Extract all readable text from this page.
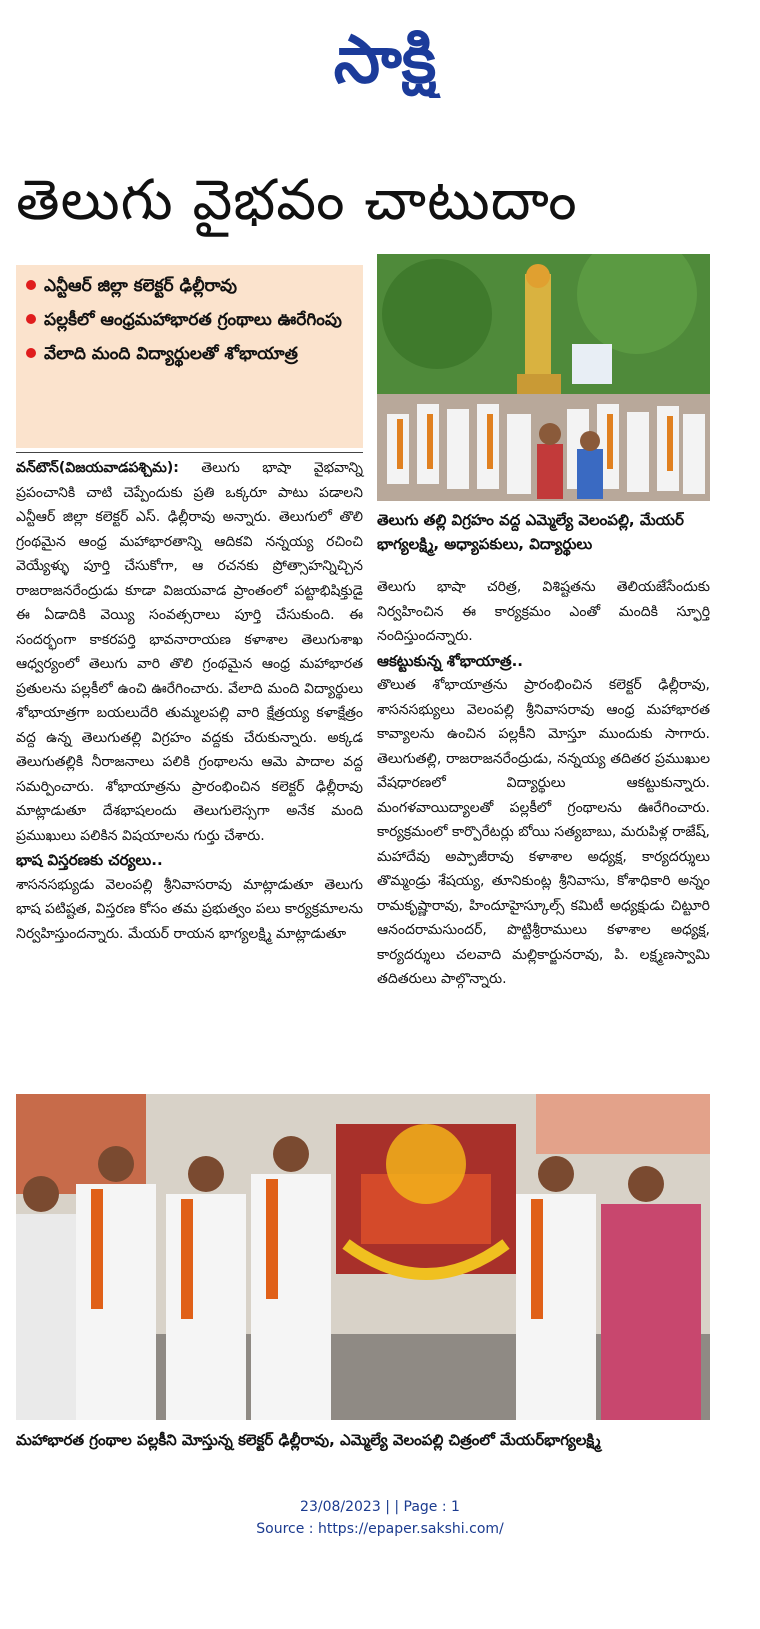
సాక్షి
తెలుగు వైభవం చాటుదాం
ఎన్టీఆర్ జిల్లా కలెక్టర్ ఢిల్లీరావు
పల్లకీలో ఆంధ్రమహాభారత గ్రంథాలు ఊరేగింపు
వేలాది మంది విద్యార్థులతో శోభాయాత్ర
తెలుగు తల్లి విగ్రహం వద్ద ఎమ్మెల్యే వెలంపల్లి, మేయర్ భాగ్యలక్ష్మి, అధ్యాపకులు, విద్యార్థులు

వన్‌టౌన్‌(విజయవాడపశ్చిమ): తెలుగు భాషా వైభవాన్ని ప్రపంచానికి చాటి చెప్పేందుకు ప్రతి ఒక్కరూ పాటు పడాలని ఎన్టీఆర్ జిల్లా కలెక్టర్ ఎస్. ఢిల్లీరావు అన్నారు. తెలుగులో తొలి గ్రంథమైన ఆంధ్ర మహాభారతాన్ని ఆదికవి నన్నయ్య రచించి వెయ్యేళ్ళు పూర్తి చేసుకోగా, ఆ రచనకు ప్రోత్సాహన్నిచ్చిన రాజరాజనరేంద్రుడు కూడా విజయవాడ ప్రాంతంలో పట్టాభిషిక్తుడై ఈ ఏడాదికి వెయ్యి సంవత్సరాలు పూర్తి చేసుకుంది. ఈ సందర్భంగా కాకరపర్తి భావనారాయణ కళాశాల తెలుగుశాఖ ఆధ్వర్యంలో తెలుగు వారి తొలి గ్రంథమైన ఆంధ్ర మహాభారత ప్రతులను పల్లకీలో ఉంచి ఊరేగించారు. వేలాది మంది విద్యార్థులు శోభాయాత్రగా బయలుదేరి తుమ్మలపల్లి వారి క్షేత్రయ్య కళాక్షేత్రం వద్ద ఉన్న తెలుగుతల్లి విగ్రహం వద్దకు చేరుకున్నారు. అక్కడ తెలుగుతల్లికి నీరాజనాలు పలికి గ్రంథాలను ఆమె పాదాల వద్ద సమర్పించారు. శోభాయాత్రను ప్రారంభించిన కలెక్టర్ ఢిల్లీరావు మాట్లాడుతూ దేశభాషలందు తెలుగులెస్సగా అనేక మంది ప్రముఖులు పలికిన విషయాలను గుర్తు చేశారు.

భాష విస్తరణకు చర్యలు..

శాసనసభ్యుడు వెలంపల్లి శ్రీనివాసరావు మాట్లాడుతూ తెలుగు భాష పటిష్టత, విస్తరణ కోసం తమ ప్రభుత్వం పలు కార్యక్రమాలను నిర్వహిస్తుందన్నారు. మేయర్ రాయన భాగ్యలక్ష్మి మాట్లాడుతూ

తెలుగు భాషా చరిత్ర, విశిష్టతను తెలియజేసేందుకు నిర్వహించిన ఈ కార్యక్రమం ఎంతో మందికి స్ఫూర్తి నందిస్తుందన్నారు.

ఆకట్టుకున్న శోభాయాత్ర..

తొలుత శోభాయాత్రను ప్రారంభించిన కలెక్టర్ ఢిల్లీరావు, శాసనసభ్యులు వెలంపల్లి శ్రీనివాసరావు ఆంధ్ర మహాభారత కావ్యాలను ఉంచిన పల్లకీని మోస్తూ ముందుకు సాగారు. తెలుగుతల్లి, రాజరాజనరేంద్రుడు, నన్నయ్య తదితర ప్రముఖుల వేషధారణలో విద్యార్థులు ఆకట్టుకున్నారు. మంగళవాయిద్యాలతో పల్లకీలో గ్రంథాలను ఊరేగించారు. కార్యక్రమంలో కార్పొరేటర్లు బోయి సత్యబాబు, మరుపిళ్ల రాజేష్, మహాదేవు అప్పాజీరావు కళాశాల అధ్యక్ష, కార్యదర్శులు తొమ్మండ్రు శేషయ్య, తూనికుంట్ల శ్రీనివాసు, కోశాధికారి అన్నం రామకృష్ణారావు, హిందూహైస్కూల్స్ కమిటీ అధ్యక్షుడు చిట్టూరి ఆనందరామసుందర్, పొట్టిశ్రీరాములు కళాశాల అధ్యక్ష, కార్యదర్శులు చలవాది మల్లికార్జునరావు, పి. లక్ష్మణస్వామి తదితరులు పాల్గొన్నారు.

మహాభారత గ్రంథాల పల్లకీని మోస్తున్న కలెక్టర్ ఢిల్లీరావు, ఎమ్మెల్యే వెలంపల్లి చిత్రంలో మేయర్‌భాగ్యలక్ష్మి
23/08/2023 | | Page : 1
Source : https://epaper.sakshi.com/
